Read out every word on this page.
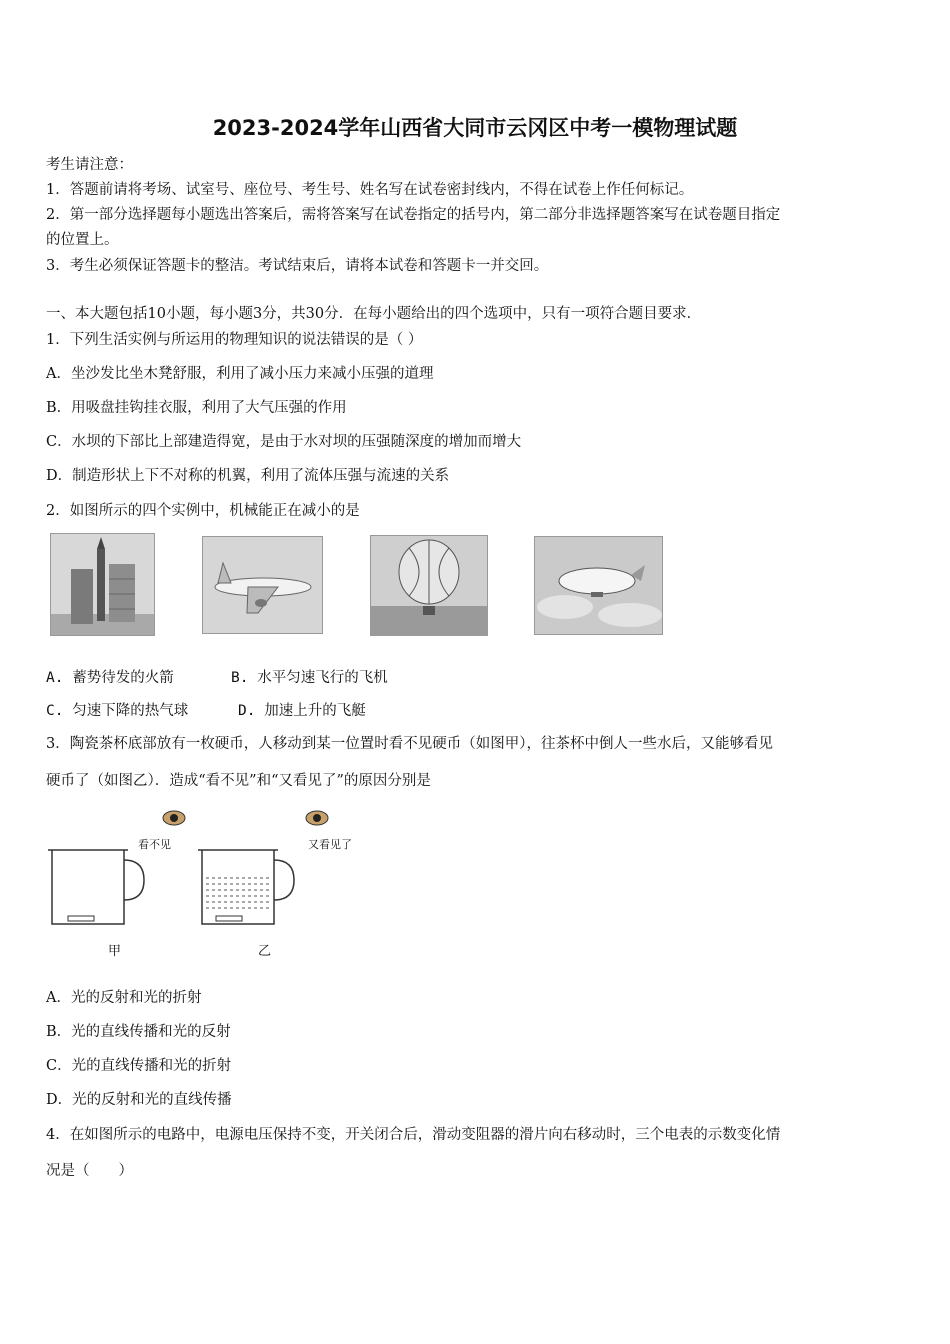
2023-2024学年山西省大同市云冈区中考一模物理试题
考生请注意：
1．答题前请将考场、试室号、座位号、考生号、姓名写在试卷密封线内，不得在试卷上作任何标记。
2．第一部分选择题每小题选出答案后，需将答案写在试卷指定的括号内，第二部分非选择题答案写在试卷题目指定
的位置上。
3．考生必须保证答题卡的整洁。考试结束后，请将本试卷和答题卡一并交回。
一、本大题包括10小题，每小题3分，共30分．在每小题给出的四个选项中，只有一项符合题目要求．
1．下列生活实例与所运用的物理知识的说法错误的是（ ）
A．坐沙发比坐木凳舒服，利用了减小压力来减小压强的道理
B．用吸盘挂钩挂衣服，利用了大气压强的作用
C．水坝的下部比上部建造得宽，是由于水对坝的压强随深度的增加而增大
D．制造形状上下不对称的机翼，利用了流体压强与流速的关系
2．如图所示的四个实例中，机械能正在减小的是
A. 蓄势待发的火箭	B. 水平匀速飞行的飞机
C. 匀速下降的热气球	D. 加速上升的飞艇
3．陶瓷茶杯底部放有一枚硬币，人移动到某一位置时看不见硬币（如图甲），往茶杯中倒人一些水后，又能够看见
硬币了（如图乙）．造成“看不见”和“又看见了”的原因分别是
看不见	又看见了
甲	乙
A．光的反射和光的折射
B．光的直线传播和光的反射
C．光的直线传播和光的折射
D．光的反射和光的直线传播
4．在如图所示的电路中，电源电压保持不变，开关闭合后，滑动变阻器的滑片向右移动时，三个电表的示数变化情
况是（　　）
